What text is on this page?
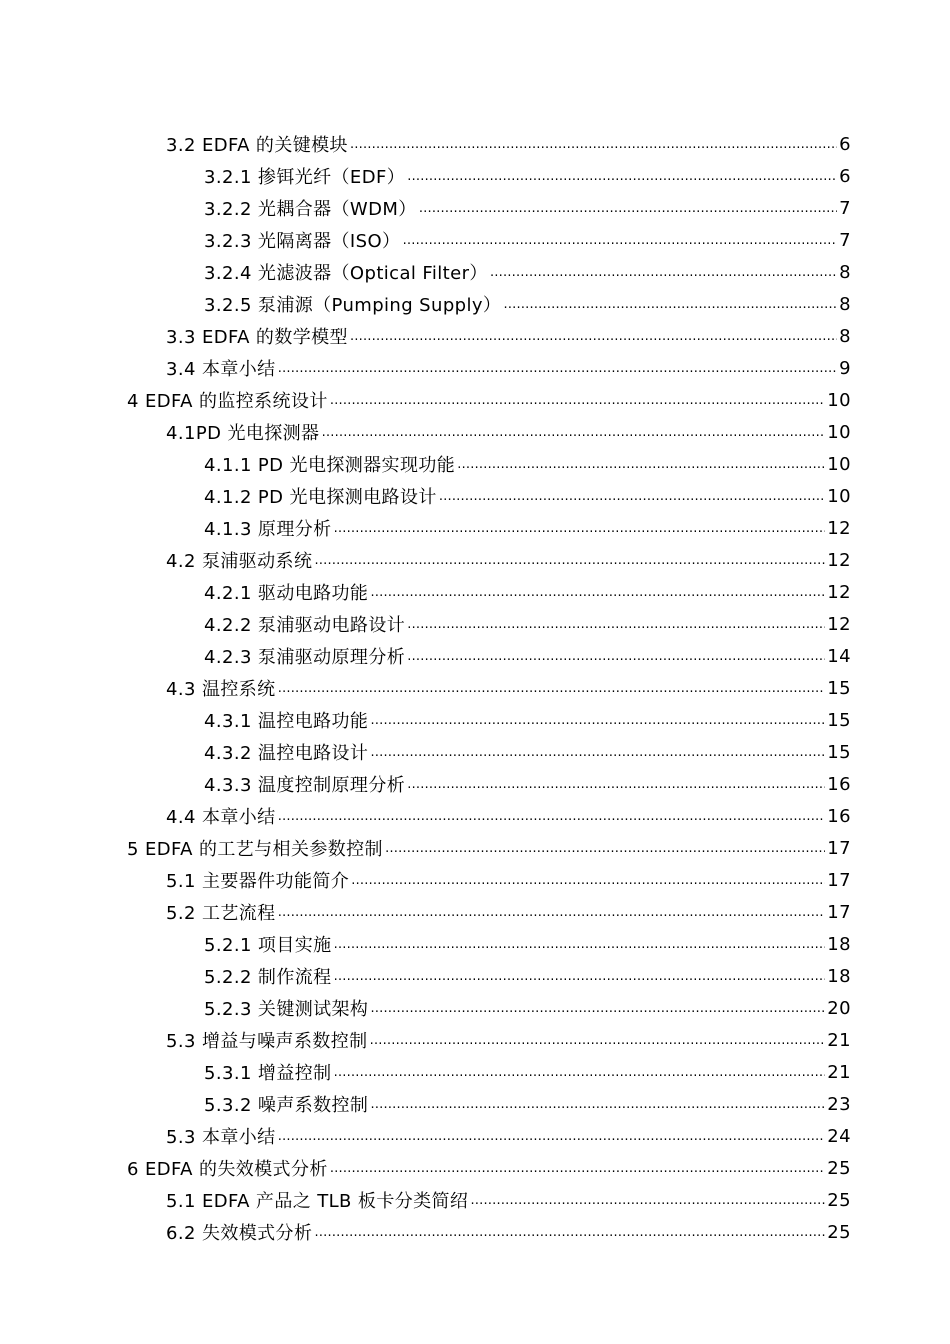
3.2 EDFA 的关键模块 …………………………………………………………………………………………………………………………………………………………………………………………	6
3.2.1 掺铒光纤（EDF） …………………………………………………………………………………………………………………………………………………………………………………………	6
3.2.2 光耦合器（WDM） …………………………………………………………………………………………………………………………………………………………………………………………	7
3.2.3 光隔离器（ISO） …………………………………………………………………………………………………………………………………………………………………………………………	7
3.2.4 光滤波器（Optical Filter） …………………………………………………………………………………………………………………………………………………………………………………………	8
3.2.5 泵浦源（Pumping Supply） …………………………………………………………………………………………………………………………………………………………………………………………	8
3.3 EDFA 的数学模型 …………………………………………………………………………………………………………………………………………………………………………………………	8
3.4 本章小结 …………………………………………………………………………………………………………………………………………………………………………………………	9
4 EDFA 的监控系统设计 …………………………………………………………………………………………………………………………………………………………………………………………	10
4.1PD 光电探测器 …………………………………………………………………………………………………………………………………………………………………………………………	10
4.1.1 PD 光电探测器实现功能 …………………………………………………………………………………………………………………………………………………………………………………………	10
4.1.2 PD 光电探测电路设计 …………………………………………………………………………………………………………………………………………………………………………………………	10
4.1.3 原理分析 …………………………………………………………………………………………………………………………………………………………………………………………	12
4.2 泵浦驱动系统 …………………………………………………………………………………………………………………………………………………………………………………………	12
4.2.1 驱动电路功能 …………………………………………………………………………………………………………………………………………………………………………………………	12
4.2.2 泵浦驱动电路设计 …………………………………………………………………………………………………………………………………………………………………………………………	12
4.2.3 泵浦驱动原理分析 …………………………………………………………………………………………………………………………………………………………………………………………	14
4.3 温控系统 …………………………………………………………………………………………………………………………………………………………………………………………	15
4.3.1 温控电路功能 …………………………………………………………………………………………………………………………………………………………………………………………	15
4.3.2 温控电路设计 …………………………………………………………………………………………………………………………………………………………………………………………	15
4.3.3 温度控制原理分析 …………………………………………………………………………………………………………………………………………………………………………………………	16
4.4 本章小结 …………………………………………………………………………………………………………………………………………………………………………………………	16
5 EDFA 的工艺与相关参数控制 …………………………………………………………………………………………………………………………………………………………………………………………	17
5.1 主要器件功能简介 …………………………………………………………………………………………………………………………………………………………………………………………	17
5.2 工艺流程 …………………………………………………………………………………………………………………………………………………………………………………………	17
5.2.1 项目实施 …………………………………………………………………………………………………………………………………………………………………………………………	18
5.2.2 制作流程 …………………………………………………………………………………………………………………………………………………………………………………………	18
5.2.3 关键测试架构 …………………………………………………………………………………………………………………………………………………………………………………………	20
5.3 增益与噪声系数控制 …………………………………………………………………………………………………………………………………………………………………………………………	21
5.3.1 增益控制 …………………………………………………………………………………………………………………………………………………………………………………………	21
5.3.2 噪声系数控制 …………………………………………………………………………………………………………………………………………………………………………………………	23
5.3 本章小结 …………………………………………………………………………………………………………………………………………………………………………………………	24
6 EDFA 的失效模式分析 …………………………………………………………………………………………………………………………………………………………………………………………	25
5.1 EDFA 产品之 TLB 板卡分类简绍 …………………………………………………………………………………………………………………………………………………………………………………………	25
6.2 失效模式分析 …………………………………………………………………………………………………………………………………………………………………………………………	25
